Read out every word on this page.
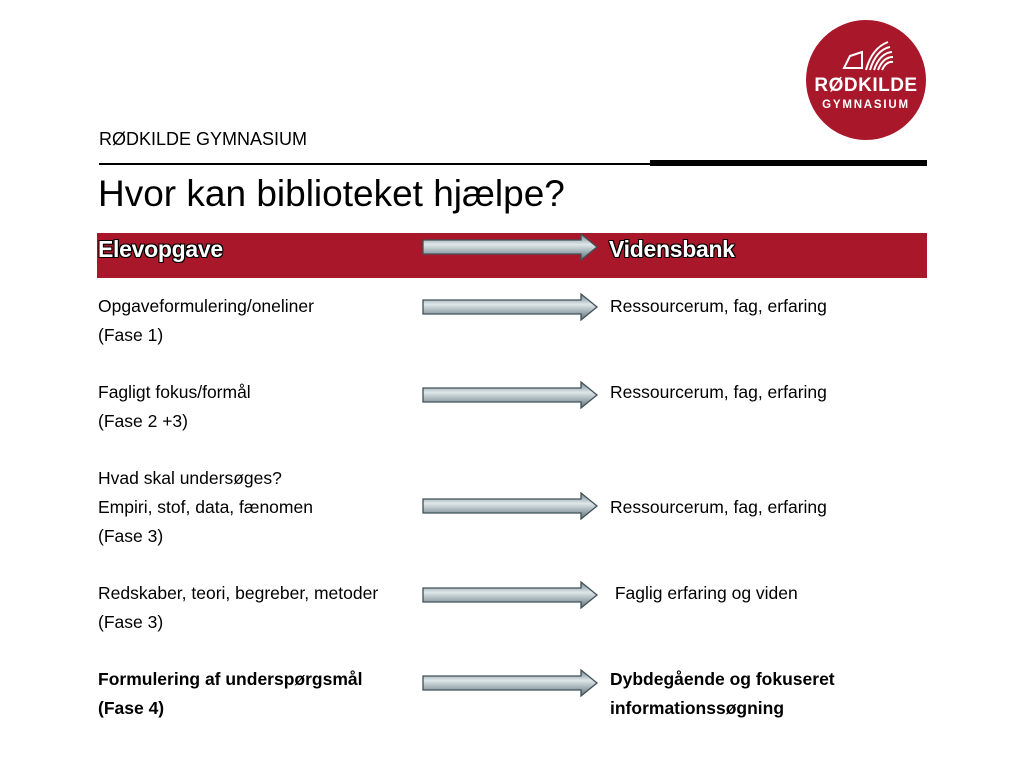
RØDKILDE
GYMNASIUM
RØDKILDE GYMNASIUM
Hvor kan biblioteket hjælpe?
Elevopgave	Vidensbank
Opgaveformulering/oneliner
(Fase 1)
Ressourcerum, fag, erfaring
Fagligt fokus/formål
(Fase 2 +3)
Ressourcerum, fag, erfaring
Hvad skal undersøges?
Empiri, stof, data, fænomen
(Fase 3)
Ressourcerum, fag, erfaring
Redskaber, teori, begreber, metoder
(Fase 3)
Faglig erfaring og viden
Formulering af underspørgsmål
(Fase 4)
Dybdegående og fokuseret
informationssøgning
